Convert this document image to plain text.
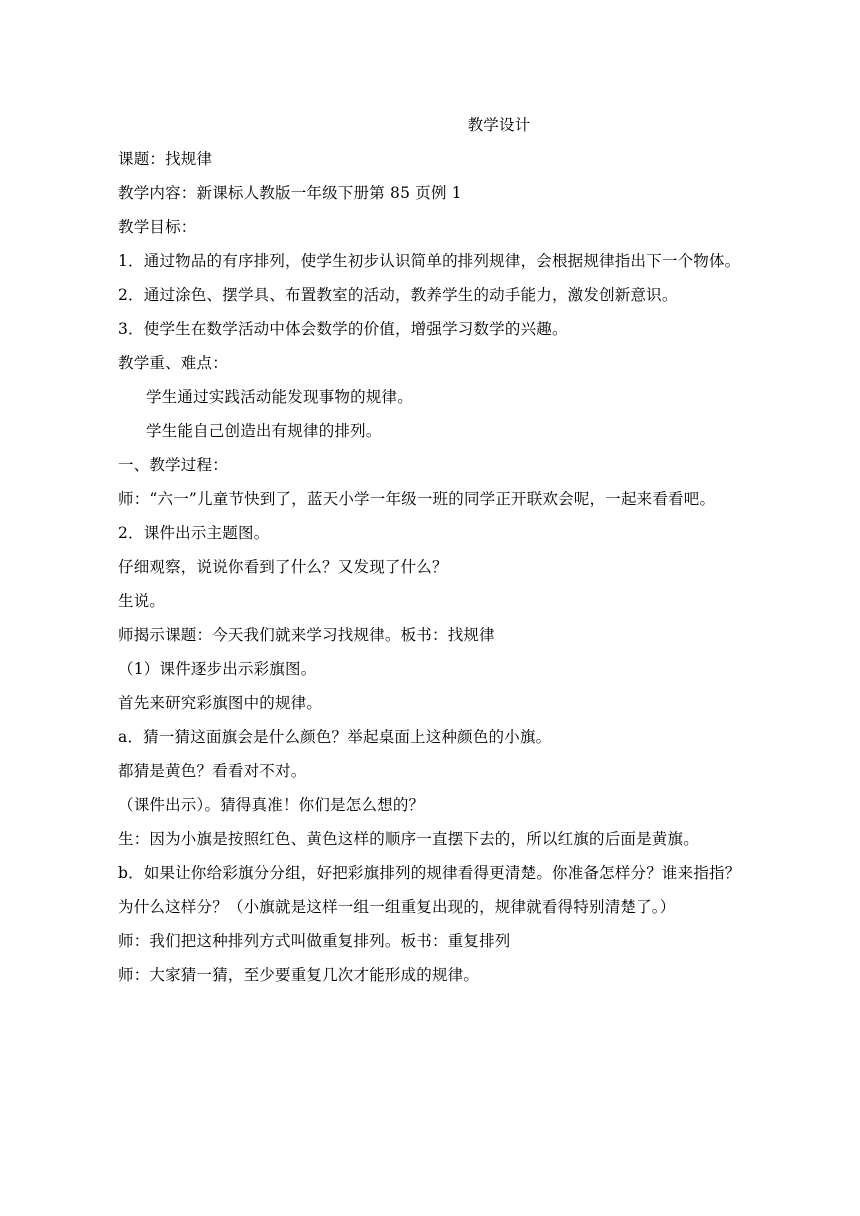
教学设计
课题：找规律
教学内容：新课标人教版一年级下册第 85 页例 1
教学目标：
1．通过物品的有序排列，使学生初步认识简单的排列规律，会根据规律指出下一个物体。
2．通过涂色、摆学具、布置教室的活动，教养学生的动手能力，激发创新意识。
3．使学生在数学活动中体会数学的价值，增强学习数学的兴趣。
教学重、难点：
学生通过实践活动能发现事物的规律。
学生能自己创造出有规律的排列。
一、教学过程：
师：“六一”儿童节快到了，蓝天小学一年级一班的同学正开联欢会呢，一起来看看吧。
2．课件出示主题图。
仔细观察，说说你看到了什么？又发现了什么？
生说。
师揭示课题：今天我们就来学习找规律。板书：找规律
（1）课件逐步出示彩旗图。
首先来研究彩旗图中的规律。
a．猜一猜这面旗会是什么颜色？举起桌面上这种颜色的小旗。
都猜是黄色？看看对不对。
（课件出示）。猜得真准！你们是怎么想的？
生：因为小旗是按照红色、黄色这样的顺序一直摆下去的，所以红旗的后面是黄旗。
b．如果让你给彩旗分分组，好把彩旗排列的规律看得更清楚。你准备怎样分？谁来指指？
为什么这样分？（小旗就是这样一组一组重复出现的，规律就看得特别清楚了。）
师：我们把这种排列方式叫做重复排列。板书：重复排列
师：大家猜一猜，至少要重复几次才能形成的规律。
